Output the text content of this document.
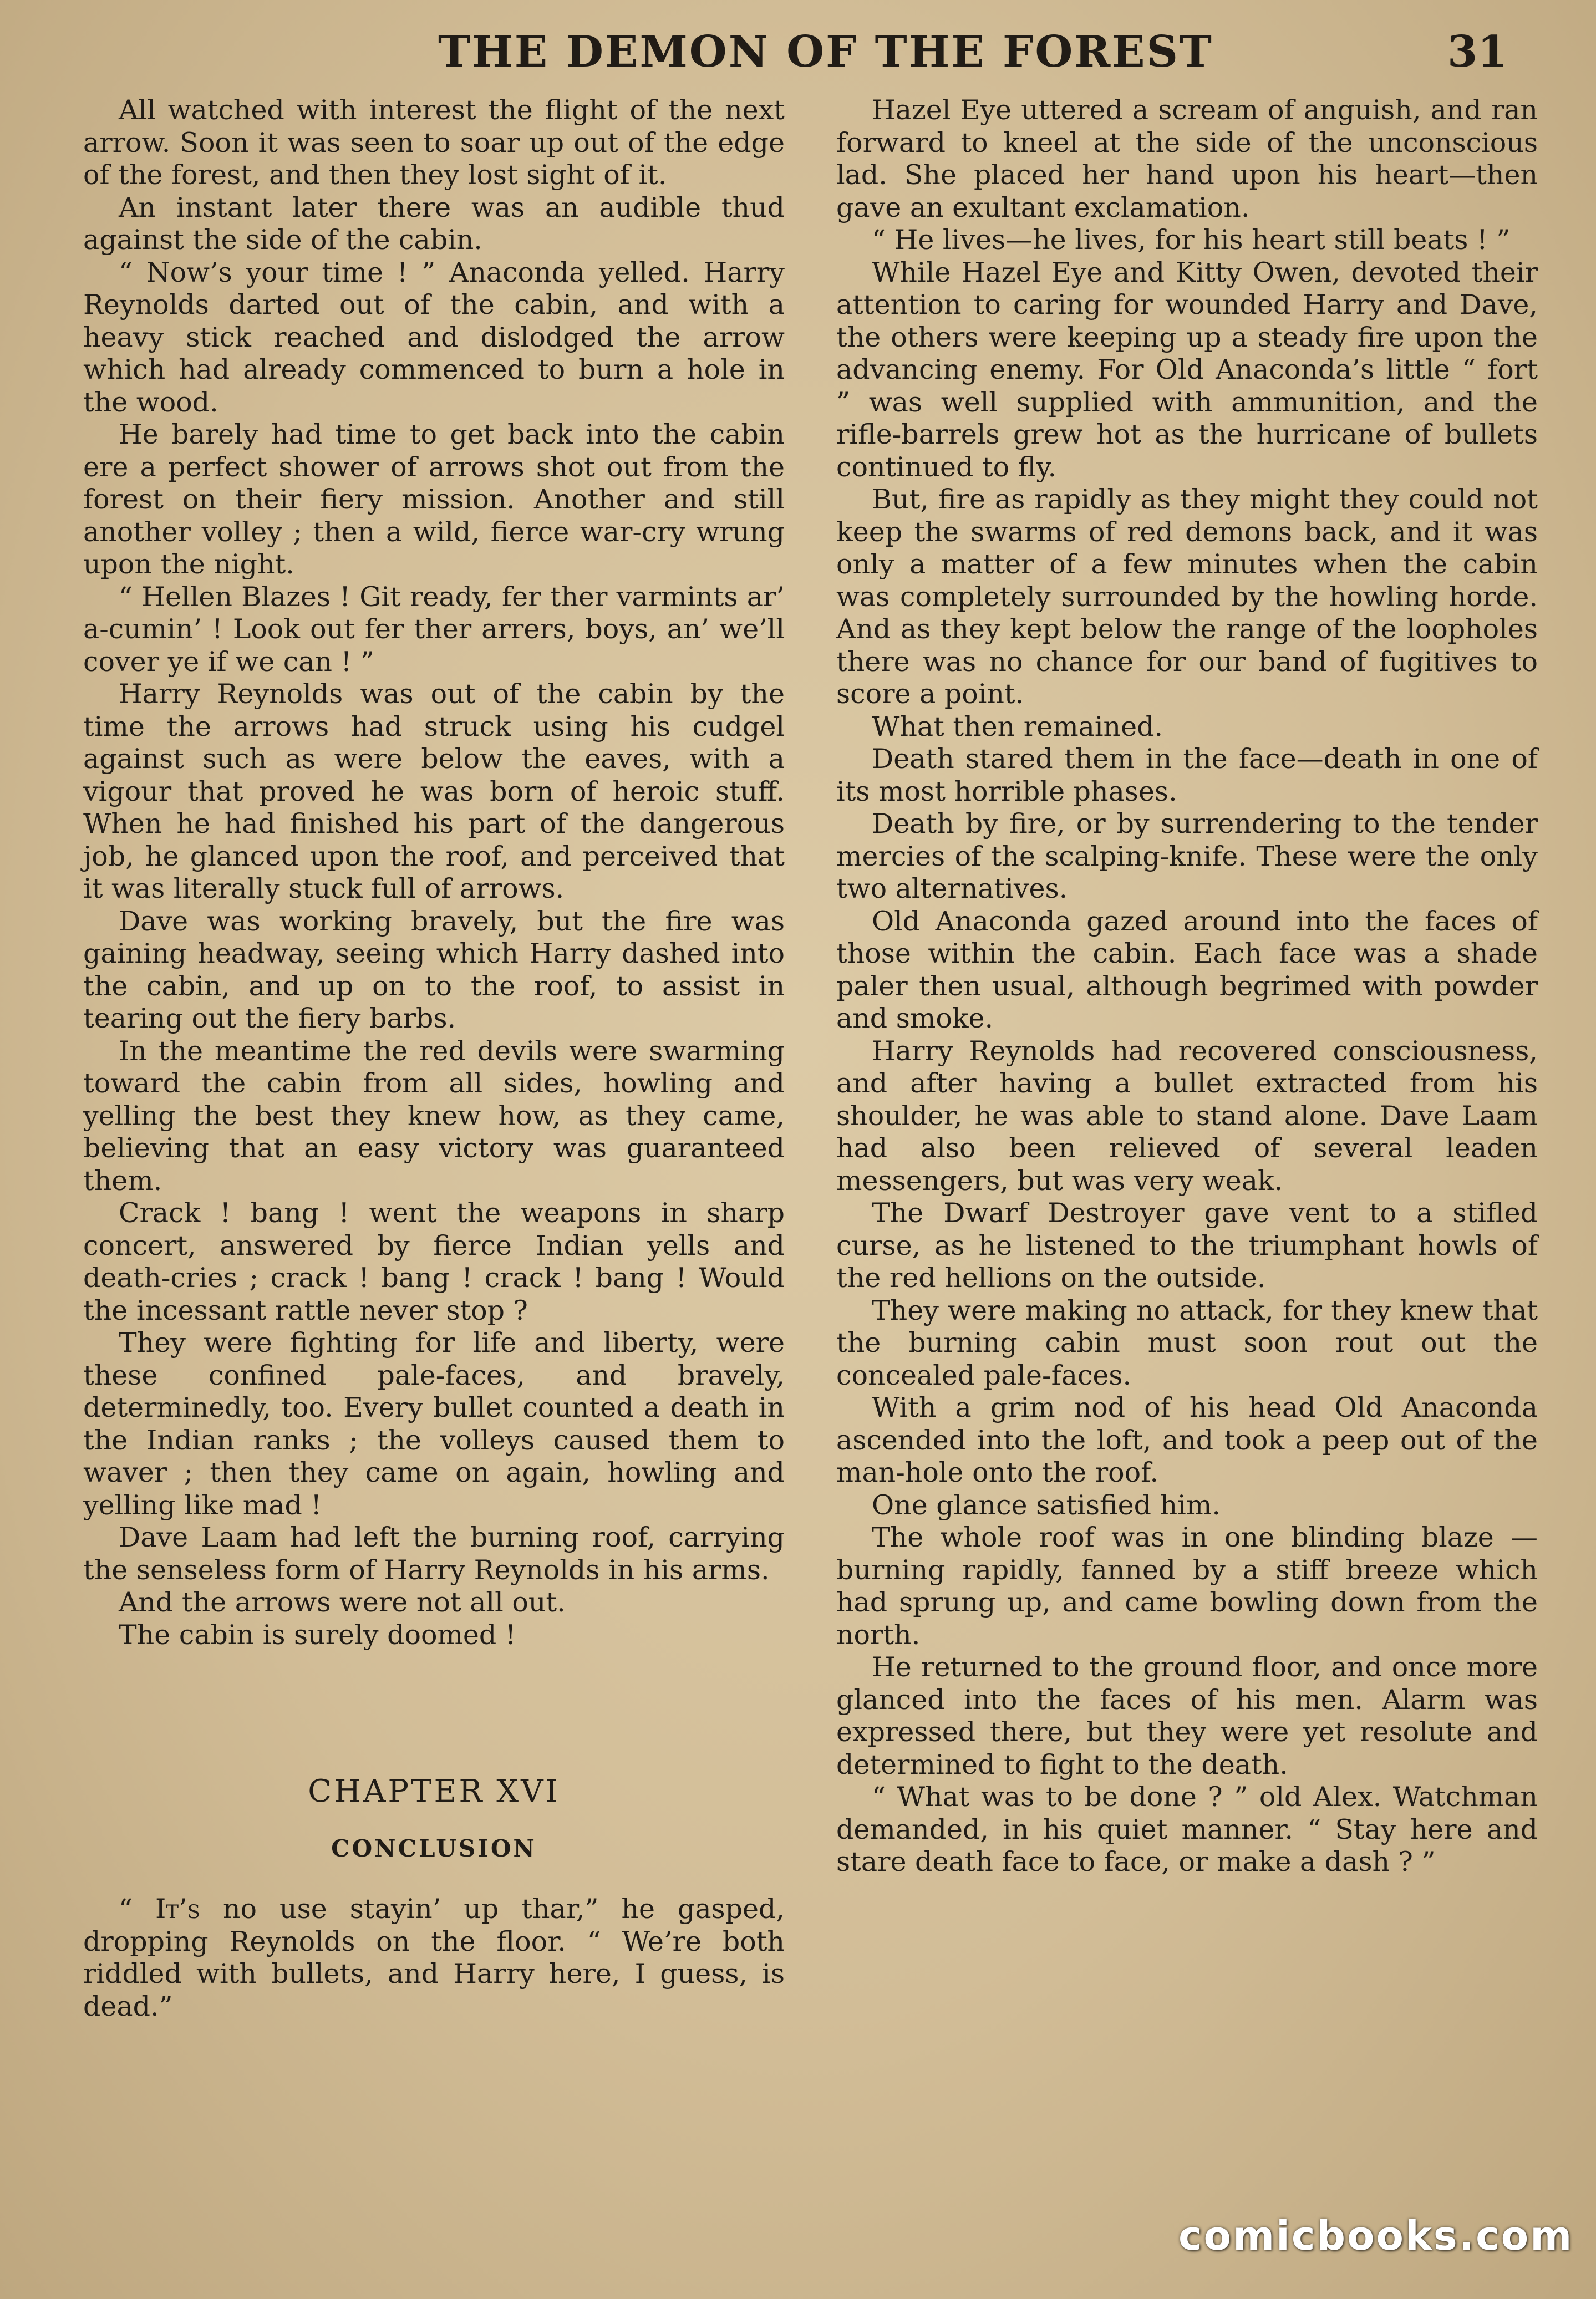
THE DEMON OF THE FOREST	31

All watched with interest the flight of the next arrow. Soon it was seen to soar up out of the edge of the forest, and then they lost sight of it.

An instant later there was an audible thud against the side of the cabin.

“ Now’s your time ! ” Anaconda yelled. Harry Reynolds darted out of the cabin, and with a heavy stick reached and dislodged the arrow which had already commenced to burn a hole in the wood.

He barely had time to get back into the cabin ere a perfect shower of arrows shot out from the forest on their fiery mission. Another and still another volley ; then a wild, fierce war-cry wrung upon the night.

“ Hellen Blazes ! Git ready, fer ther varmints ar’ a-cumin’ ! Look out fer ther arrers, boys, an’ we’ll cover ye if we can ! ”

Harry Reynolds was out of the cabin by the time the arrows had struck using his cudgel against such as were below the eaves, with a vigour that proved he was born of heroic stuff. When he had finished his part of the dangerous job, he glanced upon the roof, and perceived that it was literally stuck full of arrows.

Dave was working bravely, but the fire was gaining headway, seeing which Harry dashed into the cabin, and up on to the roof, to assist in tearing out the fiery barbs.

In the meantime the red devils were swarming toward the cabin from all sides, howling and yelling the best they knew how, as they came, believing that an easy victory was guaranteed them.

Crack ! bang ! went the weapons in sharp concert, answered by fierce Indian yells and death-cries ; crack ! bang ! crack ! bang ! Would the incessant rattle never stop ?

They were fighting for life and liberty, were these confined pale-faces, and bravely, determinedly, too. Every bullet counted a death in the Indian ranks ; the volleys caused them to waver ; then they came on again, howling and yelling like mad !

Dave Laam had left the burning roof, carrying the senseless form of Harry Reynolds in his arms.

And the arrows were not all out.

The cabin is surely doomed !

CHAPTER XVI
CONCLUSION

“ It’s no use stayin’ up thar,” he gasped, dropping Reynolds on the floor. “ We’re both riddled with bullets, and Harry here, I guess, is dead.”

Hazel Eye uttered a scream of anguish, and ran forward to kneel at the side of the unconscious lad. She placed her hand upon his heart—then gave an exultant exclamation.

“ He lives—he lives, for his heart still beats ! ”

While Hazel Eye and Kitty Owen, devoted their attention to caring for wounded Harry and Dave, the others were keeping up a steady fire upon the advancing enemy. For Old Anaconda’s little “ fort ” was well supplied with ammunition, and the rifle-barrels grew hot as the hurricane of bullets continued to fly.

But, fire as rapidly as they might they could not keep the swarms of red demons back, and it was only a matter of a few minutes when the cabin was completely surrounded by the howling horde. And as they kept below the range of the loopholes there was no chance for our band of fugitives to score a point.

What then remained.

Death stared them in the face—death in one of its most horrible phases.

Death by fire, or by surrendering to the tender mercies of the scalping-knife. These were the only two alternatives.

Old Anaconda gazed around into the faces of those within the cabin. Each face was a shade paler then usual, although begrimed with powder and smoke.

Harry Reynolds had recovered consciousness, and after having a bullet extracted from his shoulder, he was able to stand alone. Dave Laam had also been relieved of several leaden messengers, but was very weak.

The Dwarf Destroyer gave vent to a stifled curse, as he listened to the triumphant howls of the red hellions on the outside.

They were making no attack, for they knew that the burning cabin must soon rout out the concealed pale-faces.

With a grim nod of his head Old Anaconda ascended into the loft, and took a peep out of the man-hole onto the roof.

One glance satisfied him.

The whole roof was in one blinding blaze —burning rapidly, fanned by a stiff breeze which had sprung up, and came bowling down from the north.

He returned to the ground floor, and once more glanced into the faces of his men. Alarm was expressed there, but they were yet resolute and determined to fight to the death.

“ What was to be done ? ” old Alex. Watchman demanded, in his quiet manner. “ Stay here and stare death face to face, or make a dash ? ”

comicbooks.com
